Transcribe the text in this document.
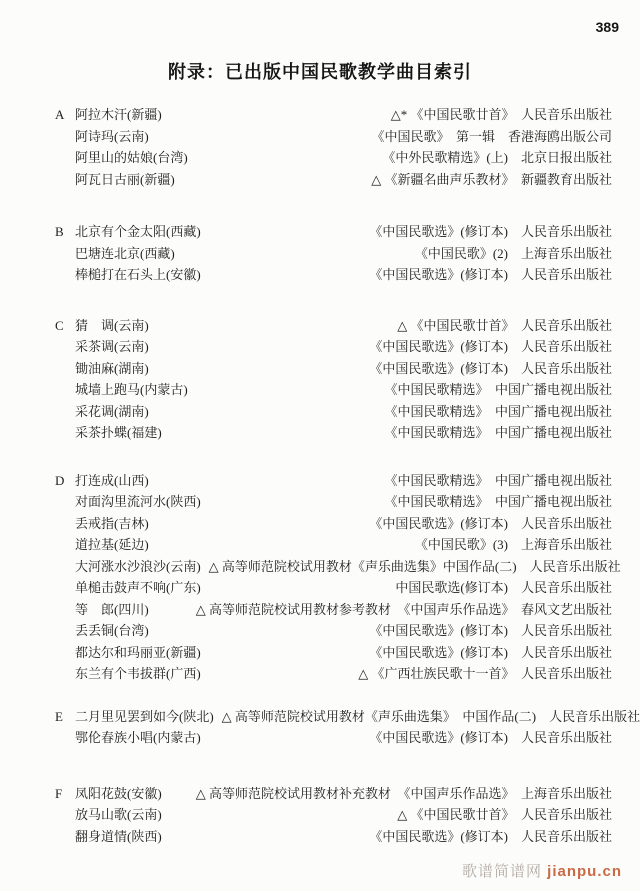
389
附录：已出版中国民歌教学曲目索引
A 阿拉木汗(新疆)	△* 《中国民歌廿首》　人民音乐出版社
阿诗玛(云南)	《中国民歌》　第一辑　香港海鸥出版公司
阿里山的姑娘(台湾)	《中外民歌精选》(上)　北京日报出版社
阿瓦日古丽(新疆)	△ 《新疆名曲声乐教材》　新疆教育出版社
B 北京有个金太阳(西藏)	《中国民歌选》(修订本)　人民音乐出版社
巴塘连北京(西藏)	《中国民歌》(2)　上海音乐出版社
棒槌打在石头上(安徽)	《中国民歌选》(修订本)　人民音乐出版社
C 猜　调(云南)	△ 《中国民歌廿首》　人民音乐出版社
采茶调(云南)	《中国民歌选》(修订本)　人民音乐出版社
锄油麻(湖南)	《中国民歌选》(修订本)　人民音乐出版社
城墙上跑马(内蒙古)	《中国民歌精选》　中国广播电视出版社
采花调(湖南)	《中国民歌精选》　中国广播电视出版社
采茶扑蝶(福建)	《中国民歌精选》　中国广播电视出版社
D 打连成(山西)	《中国民歌精选》　中国广播电视出版社
对面沟里流河水(陕西)	《中国民歌精选》　中国广播电视出版社
丢戒指(吉林)	《中国民歌选》(修订本)　人民音乐出版社
道拉基(延边)	《中国民歌》(3)　上海音乐出版社
大河涨水沙浪沙(云南) △ 高等师范院校试用教材《声乐曲选集》中国作品(二)　人民音乐出版社
单槌击鼓声不响(广东)	中国民歌选(修订本)　人民音乐出版社
等　郎(四川)	△ 高等师范院校试用教材参考教材　《中国声乐作品选》　春风文艺出版社
丢丢铜(台湾)	《中国民歌选》(修订本)　人民音乐出版社
都达尔和玛丽亚(新疆)	《中国民歌选》(修订本)　人民音乐出版社
东兰有个韦拔群(广西)	△ 《广西壮族民歌十一首》　人民音乐出版社
E 二月里见罢到如今(陕北) △ 高等师范院校试用教材《声乐曲选集》　中国作品(二)　人民音乐出版社
鄂伦春族小唱(内蒙古)	《中国民歌选》(修订本)　人民音乐出版社
F 凤阳花鼓(安徽)	△ 高等师范院校试用教材补充教材　《中国声乐作品选》　上海音乐出版社
放马山歌(云南)	△ 《中国民歌廿首》　人民音乐出版社
翻身道情(陕西)	《中国民歌选》(修订本)　人民音乐出版社
歌谱简谱网 jianpu.cn
